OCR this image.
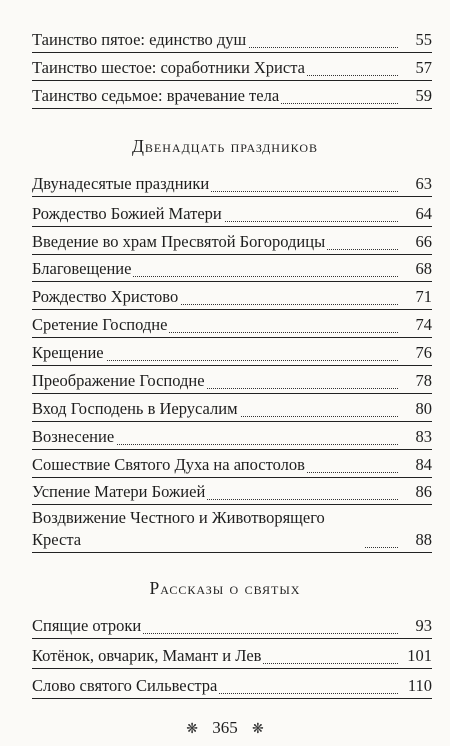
Таинство пятое: единство душ	55
Таинство шестое: соработники Христа	57
Таинство седьмое: врачевание тела	59
Двенадцать праздников
Двунадесятые праздники	63
Рождество Божией Матери	64
Введение во храм Пресвятой Богородицы	66
Благовещение	68
Рождество Христово	71
Сретение Господне	74
Крещение	76
Преображение Господне	78
Вход Господень в Иерусалим	80
Вознесение	83
Сошествие Святого Духа на апостолов	84
Успение Матери Божией	86
Воздвижение Честного и Животворящего Креста	88
Рассказы о святых
Спящие отроки	93
Котёнок, овчарик, Мамант и Лев	101
Слово святого Сильвестра	110
❋ 365 ❋
